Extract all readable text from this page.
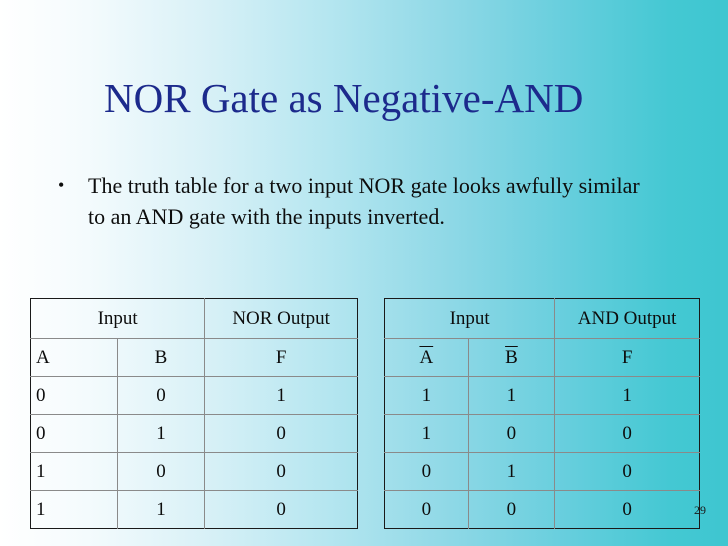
NOR Gate as Negative-AND
•	The truth table for a two input NOR gate looks awfully similar to an AND gate with the inputs inverted.
Input		NOR Output
A	B	F
0	0	1
0	1	0
1	0	0
1	1	0
Input		AND Output
$\overline{A}$	$\overline{B}$	F
1	1	1
1	0	0
0	1	0
0	0	0	29
